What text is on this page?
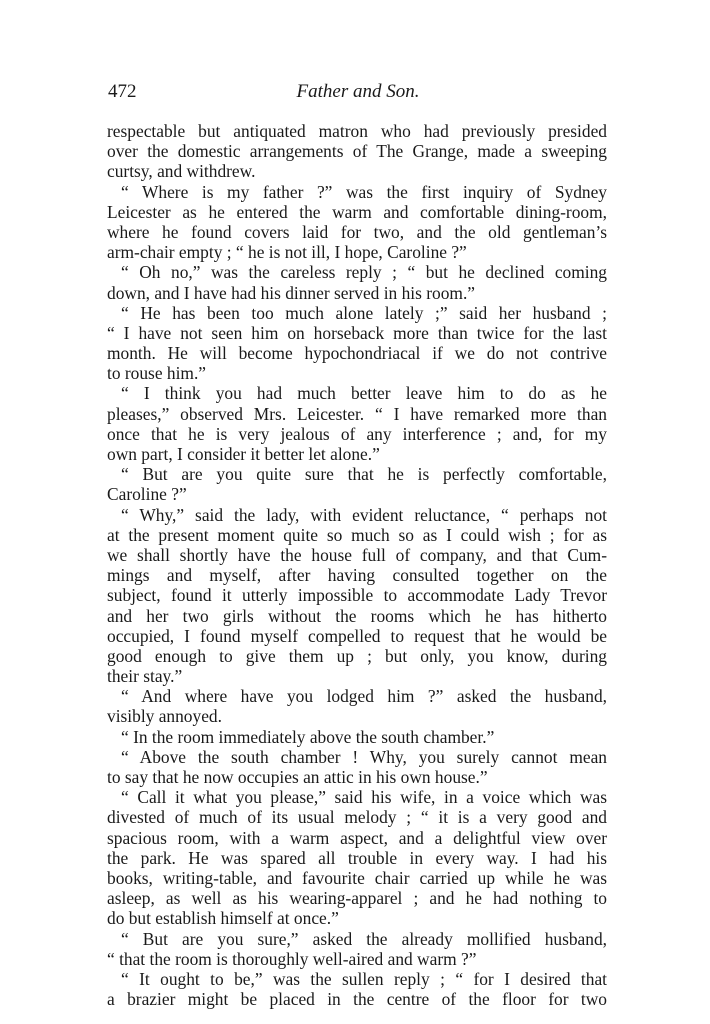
472	Father and Son.
respectable but antiquated matron who had previously presided
over the domestic arrangements of The Grange, made a sweeping
curtsy, and withdrew.
“ Where is my father ?” was the first inquiry of Sydney
Leicester as he entered the warm and comfortable dining-room,
where he found covers laid for two, and the old gentleman’s
arm-chair empty ; “ he is not ill, I hope, Caroline ?”
“ Oh no,” was the careless reply ; “ but he declined coming
down, and I have had his dinner served in his room.”
“ He has been too much alone lately ;” said her husband ;
“ I have not seen him on horseback more than twice for the last
month. He will become hypochondriacal if we do not contrive
to rouse him.”
“ I think you had much better leave him to do as he
pleases,” observed Mrs. Leicester. “ I have remarked more than
once that he is very jealous of any interference ; and, for my
own part, I consider it better let alone.”
“ But are you quite sure that he is perfectly comfortable,
Caroline ?”
“ Why,” said the lady, with evident reluctance, “ perhaps not
at the present moment quite so much so as I could wish ; for as
we shall shortly have the house full of company, and that Cum-
mings and myself, after having consulted together on the
subject, found it utterly impossible to accommodate Lady Trevor
and her two girls without the rooms which he has hitherto
occupied, I found myself compelled to request that he would be
good enough to give them up ; but only, you know, during
their stay.”
“ And where have you lodged him ?” asked the husband,
visibly annoyed.
“ In the room immediately above the south chamber.”
“ Above the south chamber ! Why, you surely cannot mean
to say that he now occupies an attic in his own house.”
“ Call it what you please,” said his wife, in a voice which was
divested of much of its usual melody ; “ it is a very good and
spacious room, with a warm aspect, and a delightful view over
the park. He was spared all trouble in every way. I had his
books, writing-table, and favourite chair carried up while he was
asleep, as well as his wearing-apparel ; and he had nothing to
do but establish himself at once.”
“ But are you sure,” asked the already mollified husband,
“ that the room is thoroughly well-aired and warm ?”
“ It ought to be,” was the sullen reply ; “ for I desired that
a brazier might be placed in the centre of the floor for two
